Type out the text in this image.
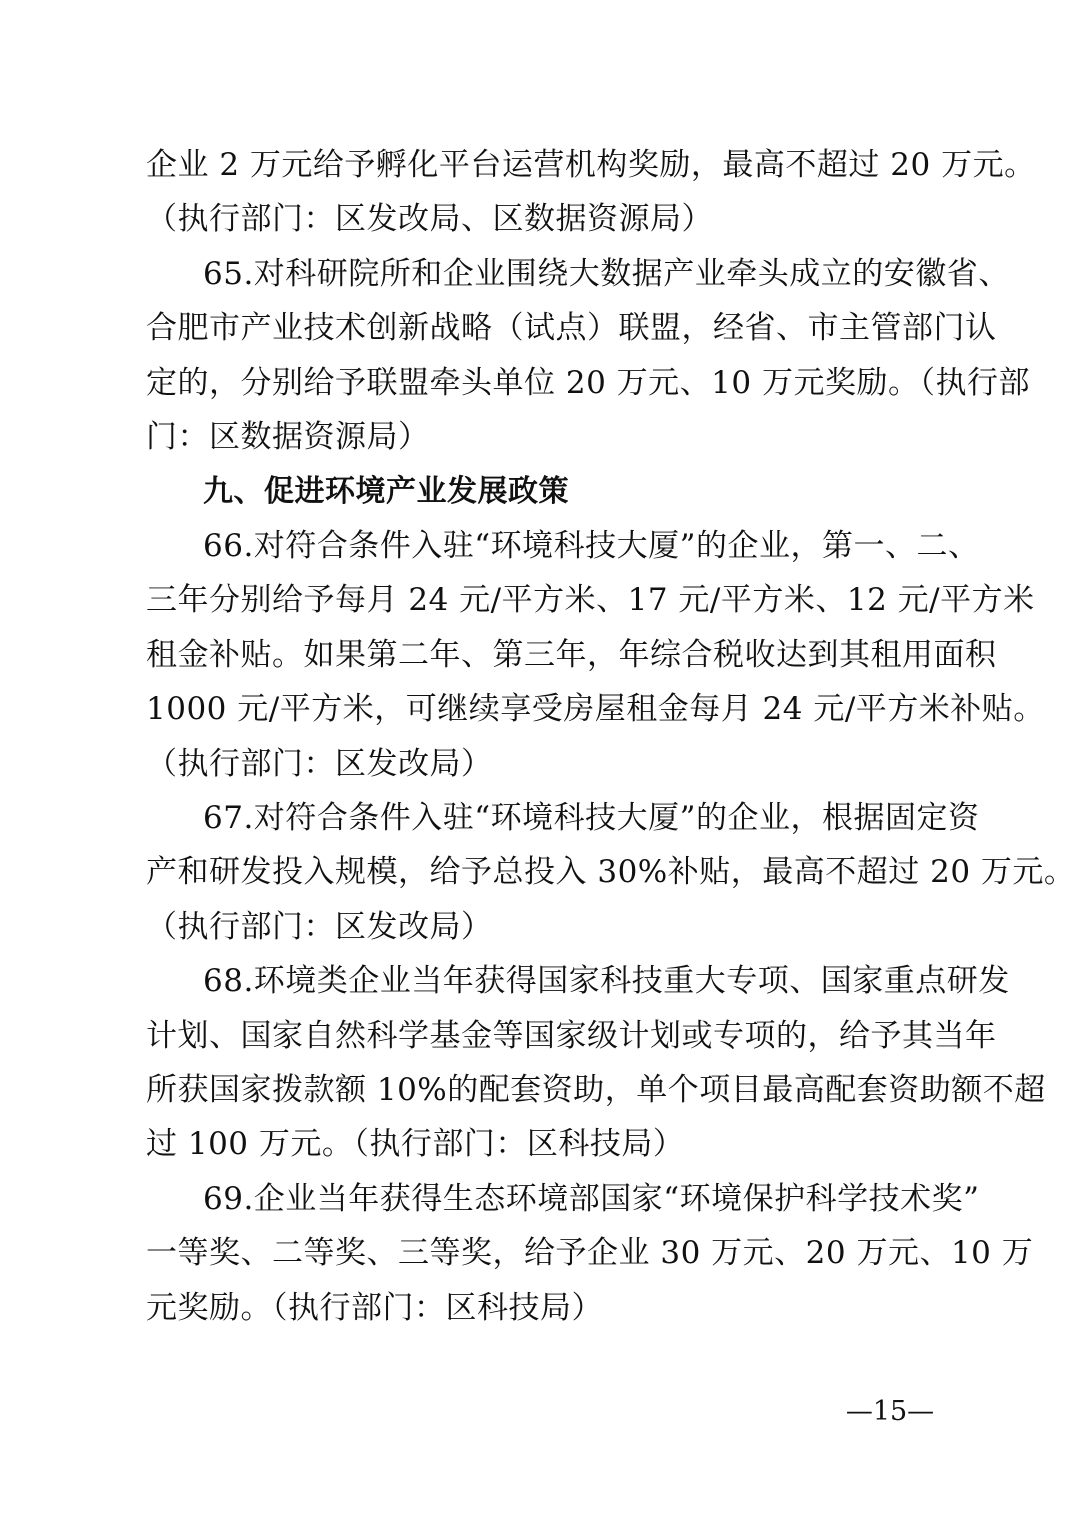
企业 2 万元给予孵化平台运营机构奖励，最高不超过 20 万元。
（执行部门：区发改局、区数据资源局）
65.对科研院所和企业围绕大数据产业牵头成立的安徽省、
合肥市产业技术创新战略（试点）联盟，经省、市主管部门认
定的，分别给予联盟牵头单位 20 万元、10 万元奖励。（执行部
门：区数据资源局）
九、促进环境产业发展政策
66.对符合条件入驻“环境科技大厦”的企业，第一、二、
三年分别给予每月 24 元/平方米、17 元/平方米、12 元/平方米
租金补贴。如果第二年、第三年，年综合税收达到其租用面积
1000 元/平方米，可继续享受房屋租金每月 24 元/平方米补贴。
（执行部门：区发改局）
67.对符合条件入驻“环境科技大厦”的企业，根据固定资
产和研发投入规模，给予总投入 30%补贴，最高不超过 20 万元。
（执行部门：区发改局）
68.环境类企业当年获得国家科技重大专项、国家重点研发
计划、国家自然科学基金等国家级计划或专项的，给予其当年
所获国家拨款额 10%的配套资助，单个项目最高配套资助额不超
过 100 万元。（执行部门：区科技局）
69.企业当年获得生态环境部国家“环境保护科学技术奖”
一等奖、二等奖、三等奖，给予企业 30 万元、20 万元、10 万
元奖励。（执行部门：区科技局）
—15—
